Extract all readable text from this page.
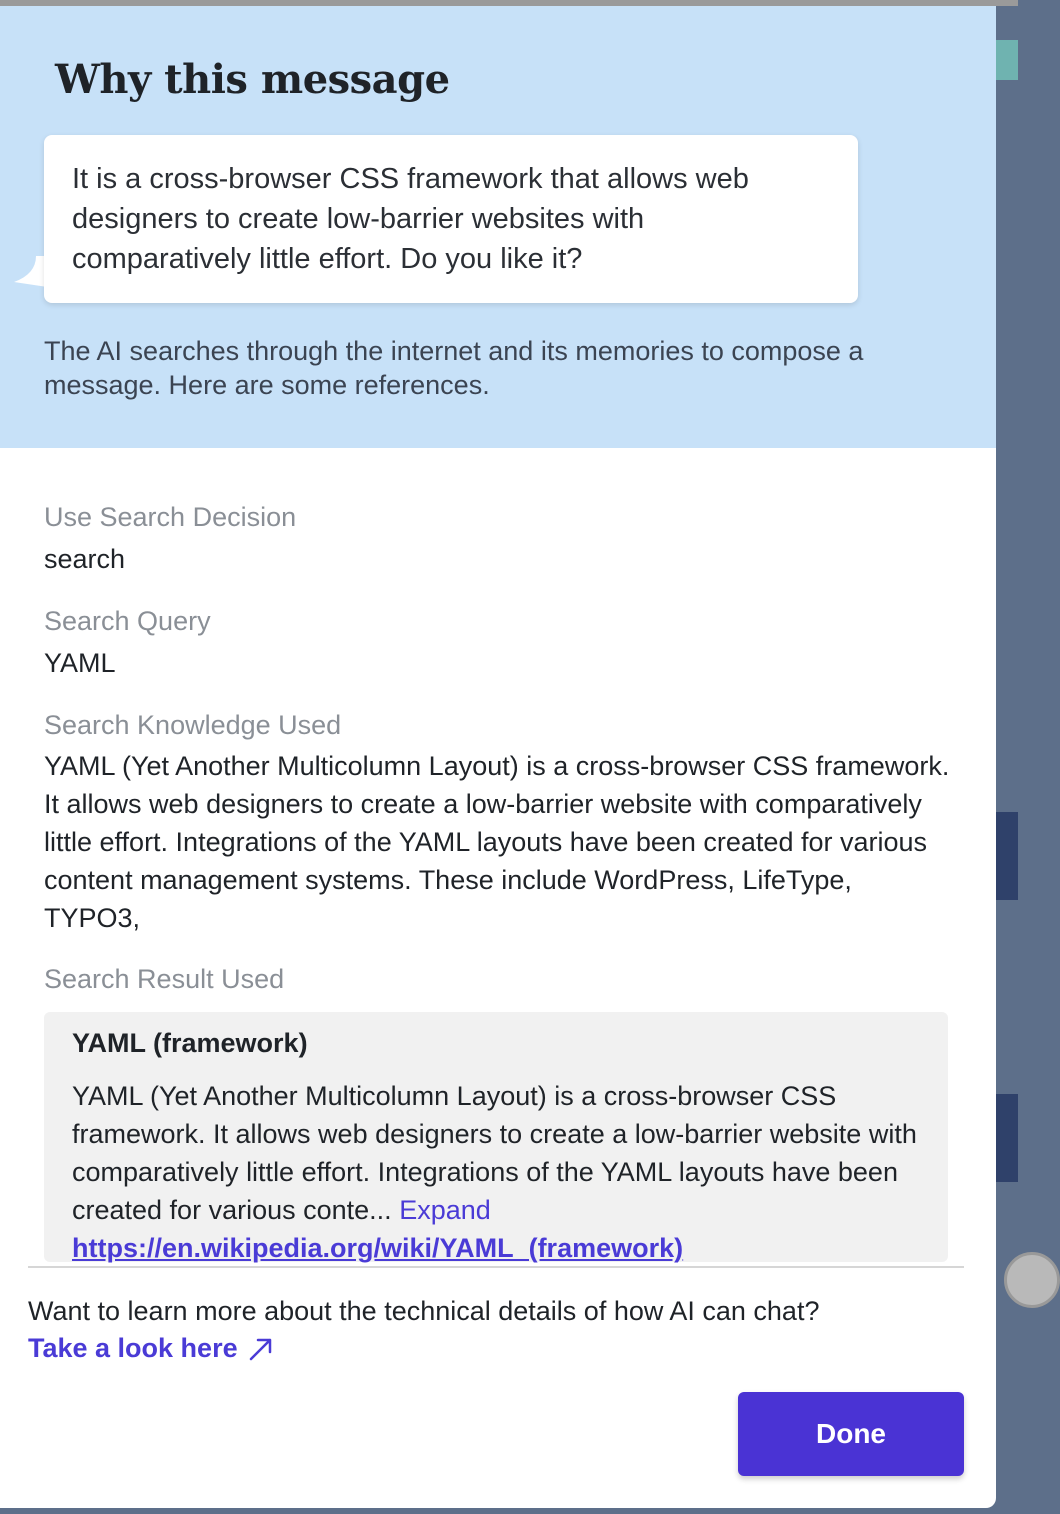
Why this message
It is a cross-browser CSS framework that allows web designers to create low-barrier websites with comparatively little effort. Do you like it?
The AI searches through the internet and its memories to compose a message. Here are some references.
Use Search Decision
search
Search Query
YAML
Search Knowledge Used
YAML (Yet Another Multicolumn Layout) is a cross-browser CSS framework. It allows web designers to create a low-barrier website with comparatively little effort. Integrations of the YAML layouts have been created for various content management systems. These include WordPress, LifeType, TYPO3,
Search Result Used
YAML (framework)
YAML (Yet Another Multicolumn Layout) is a cross-browser CSS framework. It allows web designers to create a low-barrier website with comparatively little effort. Integrations of the YAML layouts have been created for various conte... Expand
https://en.wikipedia.org/wiki/YAML_(framework)
Want to learn more about the technical details of how AI can chat?
Take a look here
Done
